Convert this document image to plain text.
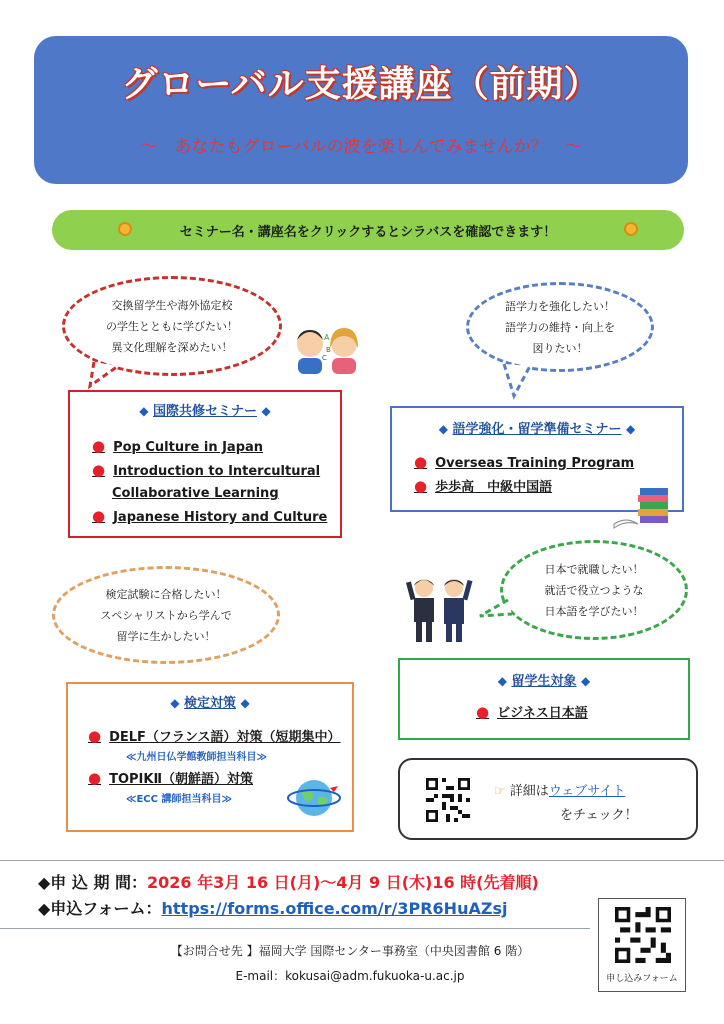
グローバル支援講座（前期）
～　あなたもグローバルの波を楽しんでみませんか？　～
セミナー名・講座名をクリックするとシラバスを確認できます！
交換留学生や海外協定校
の学生とともに学びたい！
異文化理解を深めたい！
A
B
C
◆ 国際共修セミナー ◆
● Pop Culture in Japan
● Introduction to Intercultural
Collaborative Learning
● Japanese History and Culture
語学力を強化したい！
語学力の維持・向上を
図りたい！
◆ 語学強化・留学準備セミナー ◆
● Overseas Training Program
● 歩歩高　中級中国語
検定試験に合格したい！
スペシャリストから学んで
留学に生かしたい！
◆ 検定対策 ◆
● DELF（フランス語）対策（短期集中）
≪九州日仏学館教師担当科目≫
● TOPIKⅡ（朝鮮語）対策
≪ECC 講師担当科目≫
日本で就職したい！
就活で役立つような
日本語を学びたい！
◆ 留学生対象 ◆
● ビジネス日本語
☞ 詳細はウェブサイト
をチェック！
◆申 込 期 間：2026 年3月 16 日(月)～4月 9 日(木)16 時(先着順)
◆申込フォーム：https://forms.office.com/r/3PR6HuAZsj
【お問合せ先 】福岡大学 国際センター事務室（中央図書館 6 階）
E-mail：kokusai@adm.fukuoka-u.ac.jp	申し込みフォーム
